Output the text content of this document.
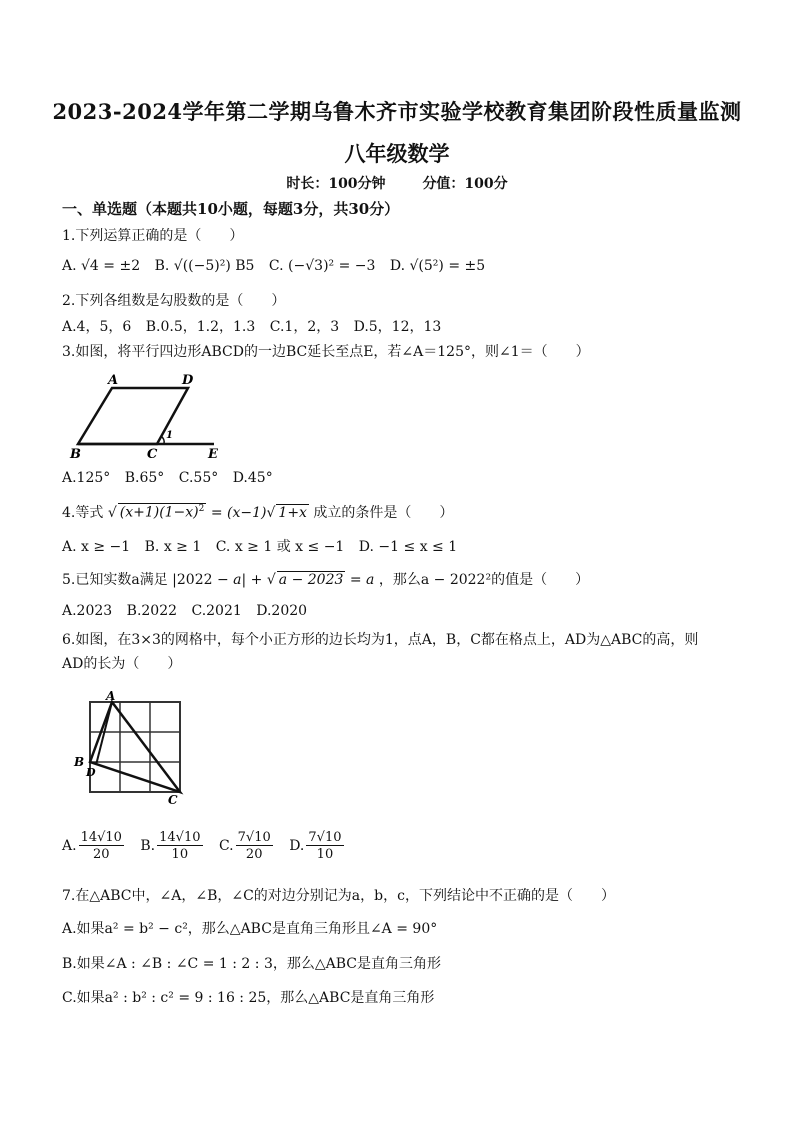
2023-2024学年第二学期乌鲁木齐市实验学校教育集团阶段性质量监测
八年级数学
时长：100分钟	分值：100分
一、单选题（本题共10小题，每题3分，共30分）
1.下列运算正确的是（　　）
A. √4 = ±2 B. √((−5)²) B5 C. (−√3)² = −3 D. √(5²) = ±5
2.下列各组数是勾股数的是（　　）
A.4，5，6 B.0.5，1.2，1.3 C.1，2，3 D.5，12，13
3.如图，将平行四边形ABCD的一边BC延长至点E，若∠A＝125°，则∠1＝（　　）
A	D
B	C	E
1
A.125° B.65° C.55° D.45°
4.等式 √ $(x+1)(1-x)^2 = (x-1)√$ 1+x 成立的条件是（　　）
A. x ≥ −1 B. x ≥ 1 C. x ≥ 1 或 x ≤ −1 D. −1 ≤ x ≤ 1
5.已知实数a满足 |2022 − a| + √ a − 2023 = a ，那么a − 2022²的值是（　　）
A.2023 B.2022 C.2021 D.2020
6.如图，在3×3的网格中，每个小正方形的边长均为1，点A，B，C都在格点上，AD为△ABC的高，则
AD的长为（　　）
A
B
D
C
A. $\frac{14√10}{20} B$. $\frac{14√10}{10} C$. $\frac{7√10}{20} D$. $\frac{7√10}{10}$
7.在△ABC中，∠A，∠B，∠C的对边分别记为a，b，c，下列结论中不正确的是（　　）
A.如果a² = b² − c²，那么△ABC是直角三角形且∠A = 90°
B.如果∠A : ∠B : ∠C = 1 : 2 : 3，那么△ABC是直角三角形
C.如果a² : b² : c² = 9 : 16 : 25，那么△ABC是直角三角形
